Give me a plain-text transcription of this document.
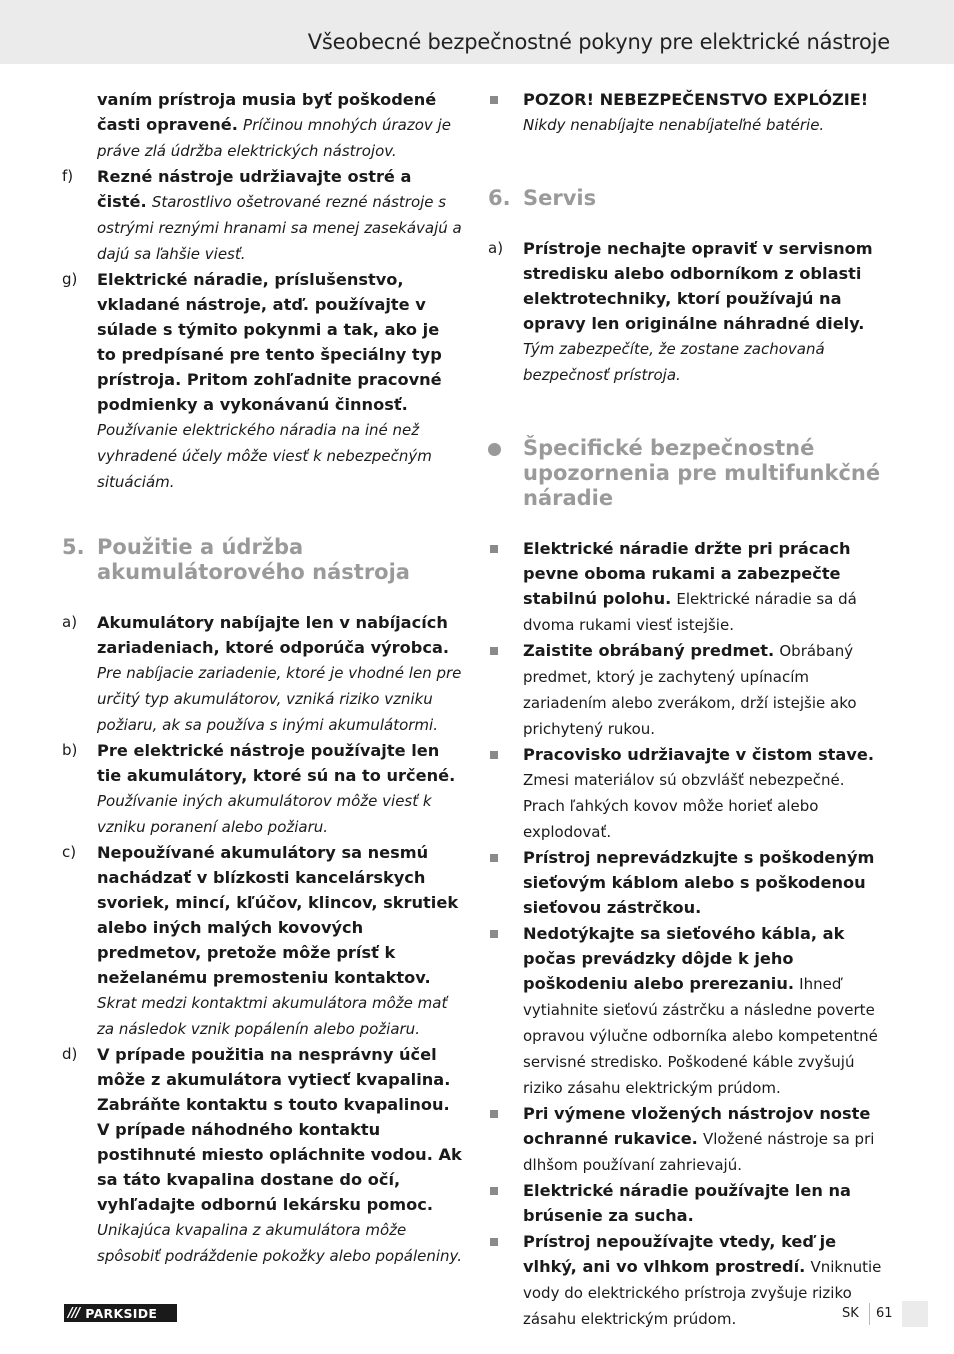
Všeobecné bezpečnostné pokyny pre elektrické nástroje

vaním prístroja musia byť poškodené časti opravené. Príčinou mnohých úrazov je práve zlá údržba elektrických nástrojov.

f)	Rezné nástroje udržiavajte ostré a čisté. Starostlivo ošetrované rezné nástroje s ostrými reznými hranami sa menej zasekávajú a dajú sa ľahšie viesť.

g)	Elektrické náradie, príslušenstvo, vkladané nástroje, atď. používajte v súlade s týmito pokynmi a tak, ako je to predpísané pre tento špeciálny typ prístroja. Pritom zohľadnite pracovné podmienky a vykonávanú činnosť. Používanie elektrického náradia na iné než vyhradené účely môže viesť k nebezpečným situáciám.

5. Použitie a údržba akumulátorového nástroja
a)	Akumulátory nabíjajte len v nabíjacích zariadeniach, ktoré odporúča výrobca. Pre nabíjacie zariadenie, ktoré je vhodné len pre určitý typ akumulátorov, vzniká riziko vzniku požiaru, ak sa používa s inými akumulátormi.

b)	Pre elektrické nástroje používajte len tie akumulátory, ktoré sú na to určené. Používanie iných akumulátorov môže viesť k vzniku poranení alebo požiaru.

c)	Nepoužívané akumulátory sa nesmú nachádzať v blízkosti kancelárskych svoriek, mincí, kľúčov, klincov, skrutiek alebo iných malých kovových predmetov, pretože môže prísť k neželanému premosteniu kontaktov. Skrat medzi kontaktmi akumulátora môže mať za následok vznik popálenín alebo požiaru.

d)	V prípade použitia na nesprávny účel môže z akumulátora vytiecť kvapalina. Zabráňte kontaktu s touto kvapalinou. V prípade náhodného kontaktu postihnuté miesto opláchnite vodou. Ak sa táto kvapalina dostane do očí, vyhľadajte odbornú lekársku pomoc. Unikajúca kvapalina z akumulátora môže spôsobiť podráždenie pokožky alebo popáleniny.

POZOR! NEBEZPEČENSTVO EXPLÓZIE!
Nikdy nenabíjajte nenabíjateľné batérie.

6. Servis
a)	Prístroje nechajte opraviť v servisnom stredisku alebo odborníkom z oblasti elektrotechniky, ktorí používajú na opravy len originálne náhradné diely. Tým zabezpečíte, že zostane zachovaná bezpečnosť prístroja.

Špecifické bezpečnostné upozornenia pre multifunkčné náradie

Elektrické náradie držte pri prácach pevne oboma rukami a zabezpečte stabilnú polohu. Elektrické náradie sa dá dvoma rukami viesť istejšie.

Zaistite obrábaný predmet. Obrábaný predmet, ktorý je zachytený upínacím zariadením alebo zverákom, drží istejšie ako prichytený rukou.

Pracovisko udržiavajte v čistom stave. Zmesi materiálov sú obzvlášť nebezpečné. Prach ľahkých kovov môže horieť alebo explodovať.

Prístroj neprevádzkujte s poškodeným sieťovým káblom alebo s poškodenou sieťovou zástrčkou.

Nedotýkajte sa sieťového kábla, ak počas prevádzky dôjde k jeho poškodeniu alebo prerezaniu. Ihneď vytiahnite sieťovú zástrčku a následne poverte opravou výlučne odborníka alebo kompetentné servisné stredisko. Poškodené káble zvyšujú riziko zásahu elektrickým prúdom.

Pri výmene vložených nástrojov noste ochranné rukavice. Vložené nástroje sa pri dlhšom používaní zahrievajú.

Elektrické náradie používajte len na brúsenie za sucha.

Prístroj nepoužívajte vtedy, keď je vlhký, ani vo vlhkom prostredí. Vniknutie vody do elektrického prístroja zvyšuje riziko zásahu elektrickým prúdom.

/// PARKSIDE	SK 61
